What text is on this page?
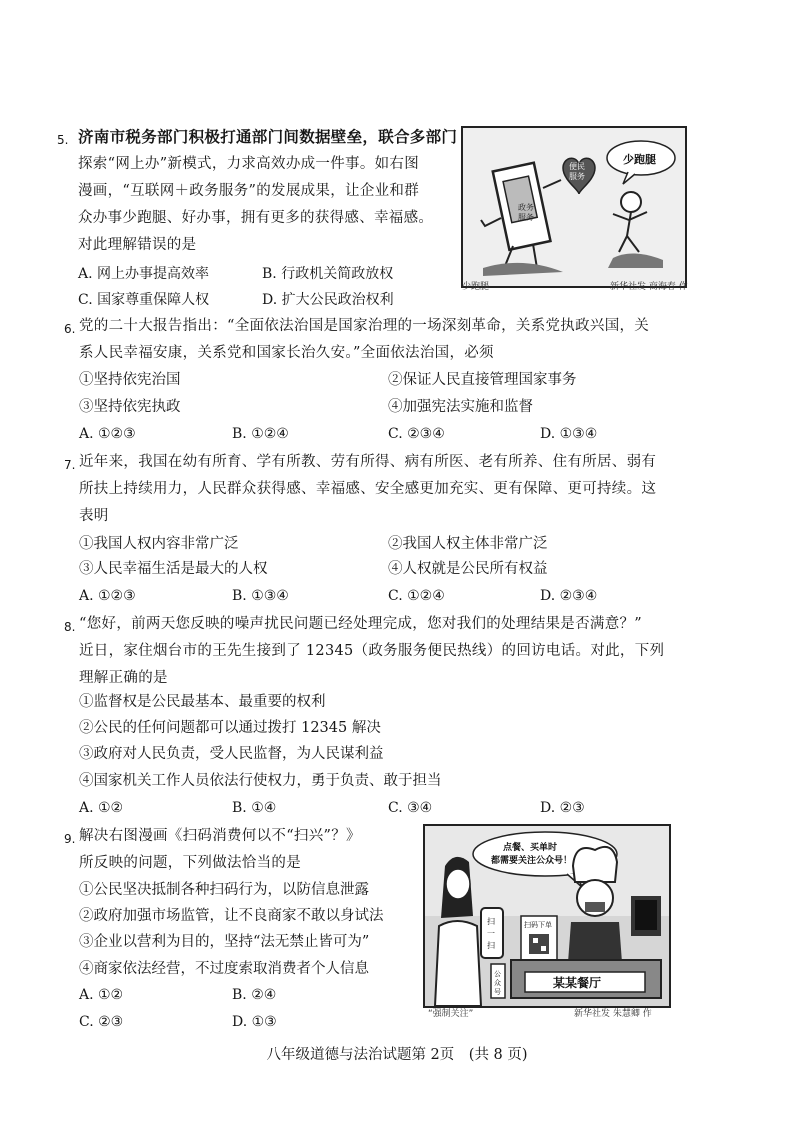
5. 济南市税务部门积极打通部门间数据壁垒，联合多部门
探索“网上办”新模式，力求高效办成一件事。如右图
漫画，“互联网＋政务服务”的发展成果，让企业和群
众办事少跑腿、好办事，拥有更多的获得感、幸福感。
对此理解错误的是
A. 网上办事提高效率	B. 行政机关简政放权
C. 国家尊重保障人权	D. 扩大公民政治权利
政务
服务
便民
服务
少跑腿
少跑腿	新华社发 商海春 作
6. 党的二十大报告指出：“全面依法治国是国家治理的一场深刻革命，关系党执政兴国，关
系人民幸福安康，关系党和国家长治久安。”全面依法治国，必须
①坚持依宪治国	②保证人民直接管理国家事务
③坚持依宪执政	④加强宪法实施和监督
A. ①②③	B. ①②④	C. ②③④	D. ①③④
7. 近年来，我国在幼有所育、学有所教、劳有所得、病有所医、老有所养、住有所居、弱有
所扶上持续用力，人民群众获得感、幸福感、安全感更加充实、更有保障、更可持续。这
表明
①我国人权内容非常广泛	②我国人权主体非常广泛
③人民幸福生活是最大的人权	④人权就是公民所有权益
A. ①②③	B. ①③④	C. ①②④	D. ②③④
8. “您好，前两天您反映的噪声扰民问题已经处理完成，您对我们的处理结果是否满意？”
近日，家住烟台市的王先生接到了 12345（政务服务便民热线）的回访电话。对此，下列
理解正确的是
①监督权是公民最基本、最重要的权利
②公民的任何问题都可以通过拨打 12345 解决
③政府对人民负责，受人民监督，为人民谋利益
④国家机关工作人员依法行使权力，勇于负责、敢于担当
A. ①②	B. ①④	C. ③④	D. ②③
9. 解决右图漫画《扫码消费何以不“扫兴”？》
所反映的问题，下列做法恰当的是
①公民坚决抵制各种扫码行为，以防信息泄露
②政府加强市场监管，让不良商家不敢以身试法
③企业以营利为目的，坚持“法无禁止皆可为”
④商家依法经营，不过度索取消费者个人信息
A. ①②	B. ②④
C. ②③	D. ①③
点餐、买单时
都需要关注公众号！
扫
一
扫
公
众
号
扫码下单
某某餐厅
“强制关注”	新华社发 朱慧卿 作
八年级道德与法治试题第 2页　(共 8 页)
